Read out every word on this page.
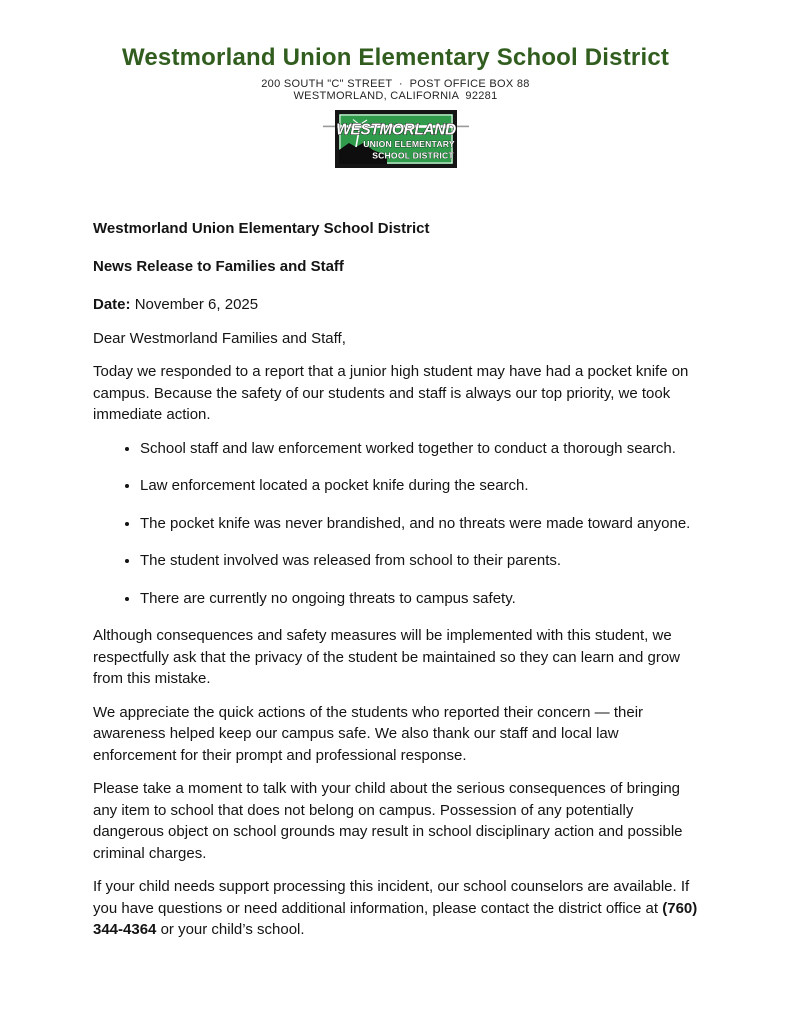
Westmorland Union Elementary School District
200 SOUTH "C" STREET  ·  POST OFFICE BOX 88
WESTMORLAND, CALIFORNIA  92281
WESTMORLAND
UNION ELEMENTARY
SCHOOL DISTRICT

Westmorland Union Elementary School District

News Release to Families and Staff

Date: November 6, 2025

Dear Westmorland Families and Staff,

Today we responded to a report that a junior high student may have had a pocket knife on campus. Because the safety of our students and staff is always our top priority, we took immediate action.

• School staff and law enforcement worked together to conduct a thorough search.
• Law enforcement located a pocket knife during the search.
• The pocket knife was never brandished, and no threats were made toward anyone.
• The student involved was released from school to their parents.
• There are currently no ongoing threats to campus safety.

Although consequences and safety measures will be implemented with this student, we respectfully ask that the privacy of the student be maintained so they can learn and grow from this mistake.

We appreciate the quick actions of the students who reported their concern — their awareness helped keep our campus safe. We also thank our staff and local law enforcement for their prompt and professional response.

Please take a moment to talk with your child about the serious consequences of bringing any item to school that does not belong on campus. Possession of any potentially dangerous object on school grounds may result in school disciplinary action and possible criminal charges.

If your child needs support processing this incident, our school counselors are available. If you have questions or need additional information, please contact the district office at (760) 344-4364 or your child’s school.
